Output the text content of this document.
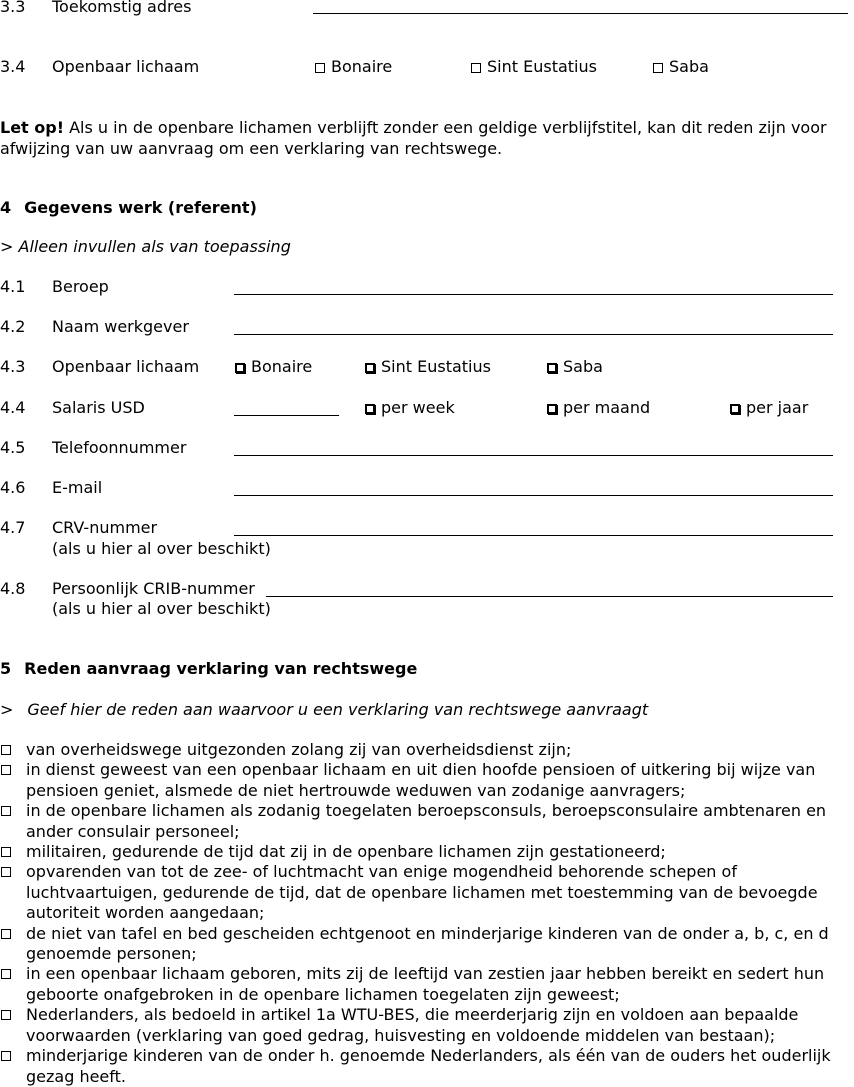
3.3 Toekomstig adres
3.4 Openbaar lichaam	Bonaire	Sint Eustatius	Saba
Let op! Als u in de openbare lichamen verblijft zonder een geldige verblijfstitel, kan dit reden zijn voor afwijzing van uw aanvraag om een verklaring van rechtswege.
4 Gegevens werk (referent)
> Alleen invullen als van toepassing
4.1 Beroep
4.2 Naam werkgever
4.3 Openbaar lichaam	Bonaire	Sint Eustatius	Saba
4.4 Salaris USD	per week	per maand	per jaar
4.5 Telefoonnummer
4.6 E-mail
4.7 CRV-nummer
(als u hier al over beschikt)
4.8 Persoonlijk CRIB-nummer
(als u hier al over beschikt)
5 Reden aanvraag verklaring van rechtswege
> Geef hier de reden aan waarvoor u een verklaring van rechtswege aanvraagt
van overheidswege uitgezonden zolang zij van overheidsdienst zijn;
in dienst geweest van een openbaar lichaam en uit dien hoofde pensioen of uitkering bij wijze van pensioen geniet, alsmede de niet hertrouwde weduwen van zodanige aanvragers;
in de openbare lichamen als zodanig toegelaten beroepsconsuls, beroepsconsulaire ambtenaren en ander consulair personeel;
militairen, gedurende de tijd dat zij in de openbare lichamen zijn gestationeerd;
opvarenden van tot de zee- of luchtmacht van enige mogendheid behorende schepen of luchtvaartuigen, gedurende de tijd, dat de openbare lichamen met toestemming van de bevoegde autoriteit worden aangedaan;
de niet van tafel en bed gescheiden echtgenoot en minderjarige kinderen van de onder a, b, c, en d genoemde personen;
in een openbaar lichaam geboren, mits zij de leeftijd van zestien jaar hebben bereikt en sedert hun geboorte onafgebroken in de openbare lichamen toegelaten zijn geweest;
Nederlanders, als bedoeld in artikel 1a WTU-BES, die meerderjarig zijn en voldoen aan bepaalde voorwaarden (verklaring van goed gedrag, huisvesting en voldoende middelen van bestaan);
minderjarige kinderen van de onder h. genoemde Nederlanders, als één van de ouders het ouderlijk gezag heeft.
